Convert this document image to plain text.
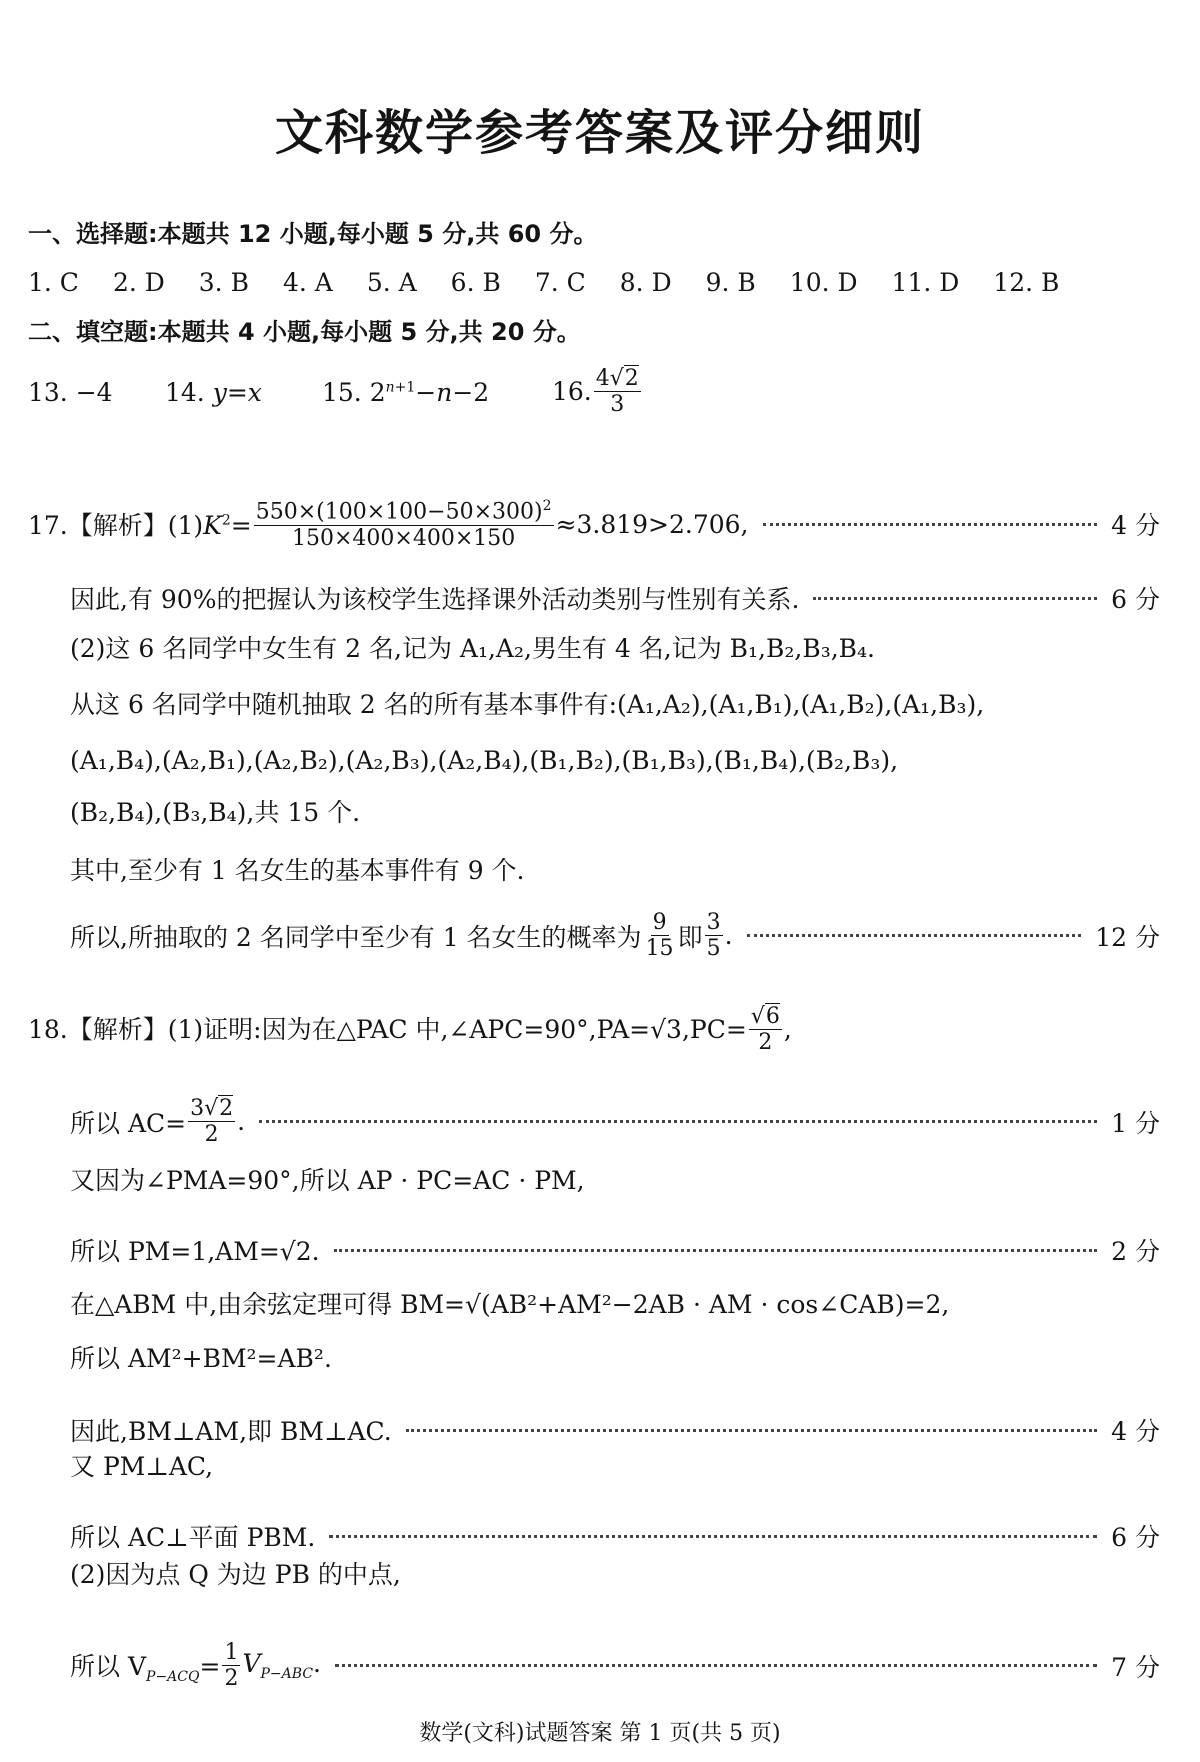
文科数学参考答案及评分细则
一、选择题:本题共 12 小题,每小题 5 分,共 60 分。
1. C 2. D 3. B 4. A 5. A 6. B 7. C 8. D 9. B 10. D 11. D 12. B
二、填空题:本题共 4 小题,每小题 5 分,共 20 分。
13. −4 14. y=x 15. $2^{n+1}-n-2$	16. $\frac{4√2}{3}$
17.【解析】$(1)K^2= \frac{550\times(100\times 100-50\times 300)^2}{150\times 400\times 400\times 150} \approx 3.819>2.706$,	4 分
因此,有 90%的把握认为该校学生选择课外活动类别与性别有关系.	6 分
(2)这 6 名同学中女生有 2 名,记为 A₁,A₂,男生有 4 名,记为 B₁,B₂,B₃,B₄.
从这 6 名同学中随机抽取 2 名的所有基本事件有:(A₁,A₂),(A₁,B₁),(A₁,B₂),(A₁,B₃),
(A₁,B₄),(A₂,B₁),(A₂,B₂),(A₂,B₃),(A₂,B₄),(B₁,B₂),(B₁,B₃),(B₁,B₄),(B₂,B₃),
(B₂,B₄),(B₃,B₄),共 15 个.
其中,至少有 1 名女生的基本事件有 9 个.
所以,所抽取的 2 名同学中至少有 1 名女生的概率为 $\frac{9}{15}$ 即 $\frac{3}{5}$ .	12 分
18.【解析】(1)证明:因为在△PAC 中,∠APC=90°,PA=√3,PC= $\frac{√6}{2}$ ,
所以 $AC= \frac{3√2}{2}$ .	1 分
又因为∠PMA=90°,所以 AP · PC=AC · PM,
所以 PM=1,AM=√2.	2 分
在△ABM 中,由余弦定理可得 BM=√(AB²+AM²−2AB · AM · cos∠CAB)=2,
所以 AM²+BM²=AB².
因此,BM⊥AM,即 BM⊥AC.	4 分
又 PM⊥AC,
所以 AC⊥平面 PBM.	6 分
(2)因为点 Q 为边 PB 的中点,
所以 $V_{P-ACQ}= \frac{1}{2} V_{P-ABC}$.	7 分
数学(文科)试题答案 第 1 页(共 5 页)
